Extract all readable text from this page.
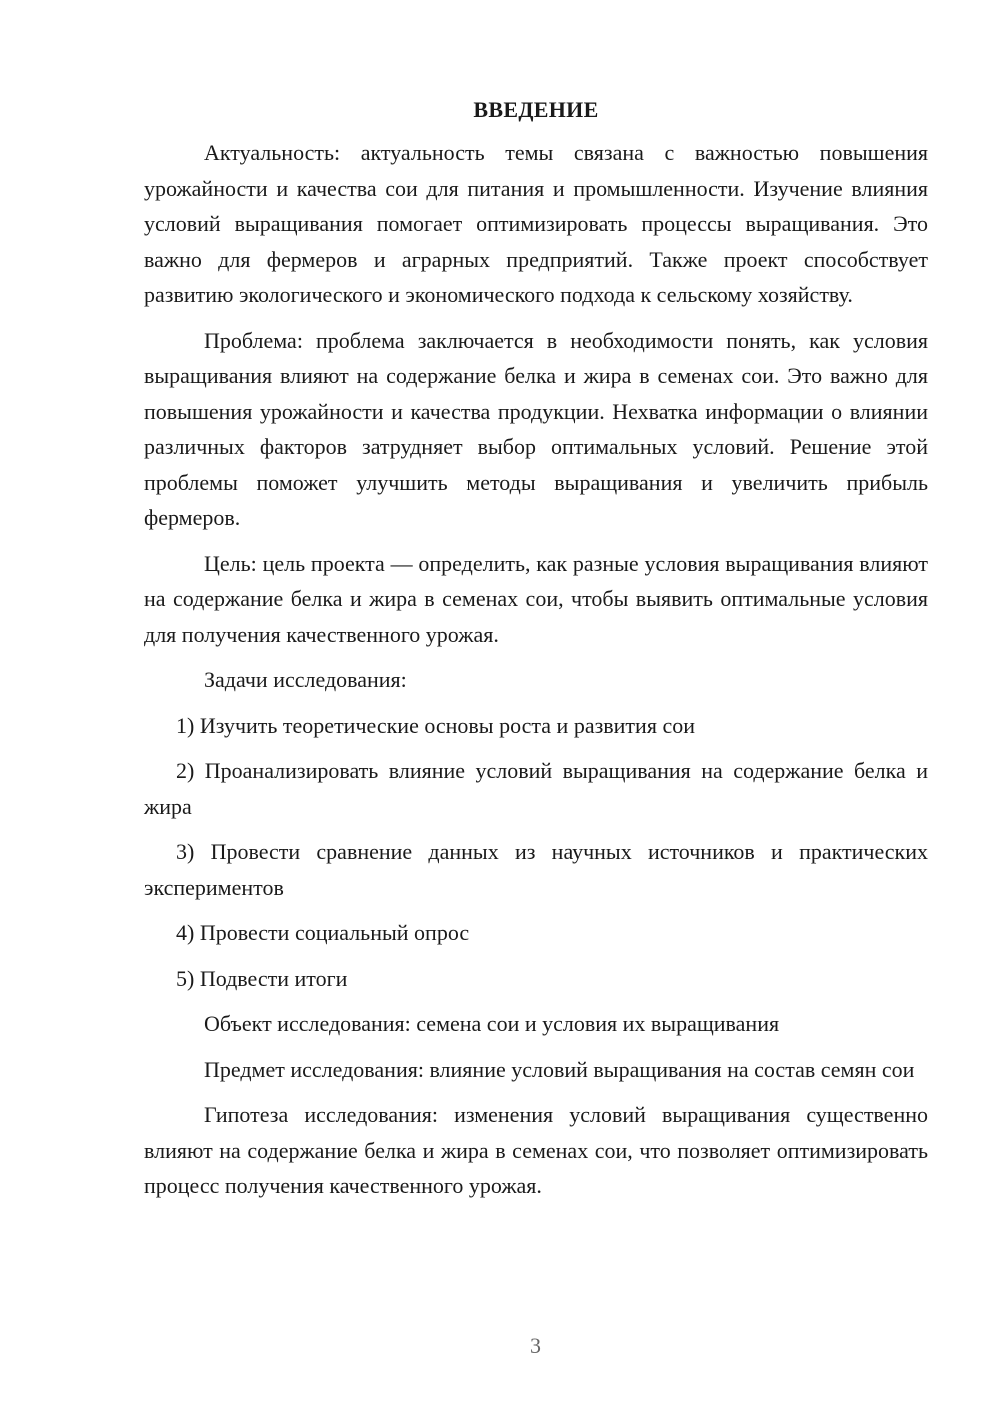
ВВЕДЕНИЕ

Актуальность: актуальность темы связана с важностью повышения урожайности и качества сои для питания и промышленности. Изучение влияния условий выращивания помогает оптимизировать процессы выращивания. Это важно для фермеров и аграрных предприятий. Также проект способствует развитию экологического и экономического подхода к сельскому хозяйству.

Проблема: проблема заключается в необходимости понять, как условия выращивания влияют на содержание белка и жира в семенах сои. Это важно для повышения урожайности и качества продукции. Нехватка информации о влиянии различных факторов затрудняет выбор оптимальных условий. Решение этой проблемы поможет улучшить методы выращивания и увеличить прибыль фермеров.

Цель: цель проекта — определить, как разные условия выращивания влияют на содержание белка и жира в семенах сои, чтобы выявить оптимальные условия для получения качественного урожая.

Задачи исследования:

1) Изучить теоретические основы роста и развития сои

2) Проанализировать влияние условий выращивания на содержание белка и жира

3) Провести сравнение данных из научных источников и практических экспериментов

4) Провести социальный опрос

5) Подвести итоги

Объект исследования: семена сои и условия их выращивания

Предмет исследования: влияние условий выращивания на состав семян сои

Гипотеза исследования: изменения условий выращивания существенно влияют на содержание белка и жира в семенах сои, что позволяет оптимизировать процесс получения качественного урожая.

3
